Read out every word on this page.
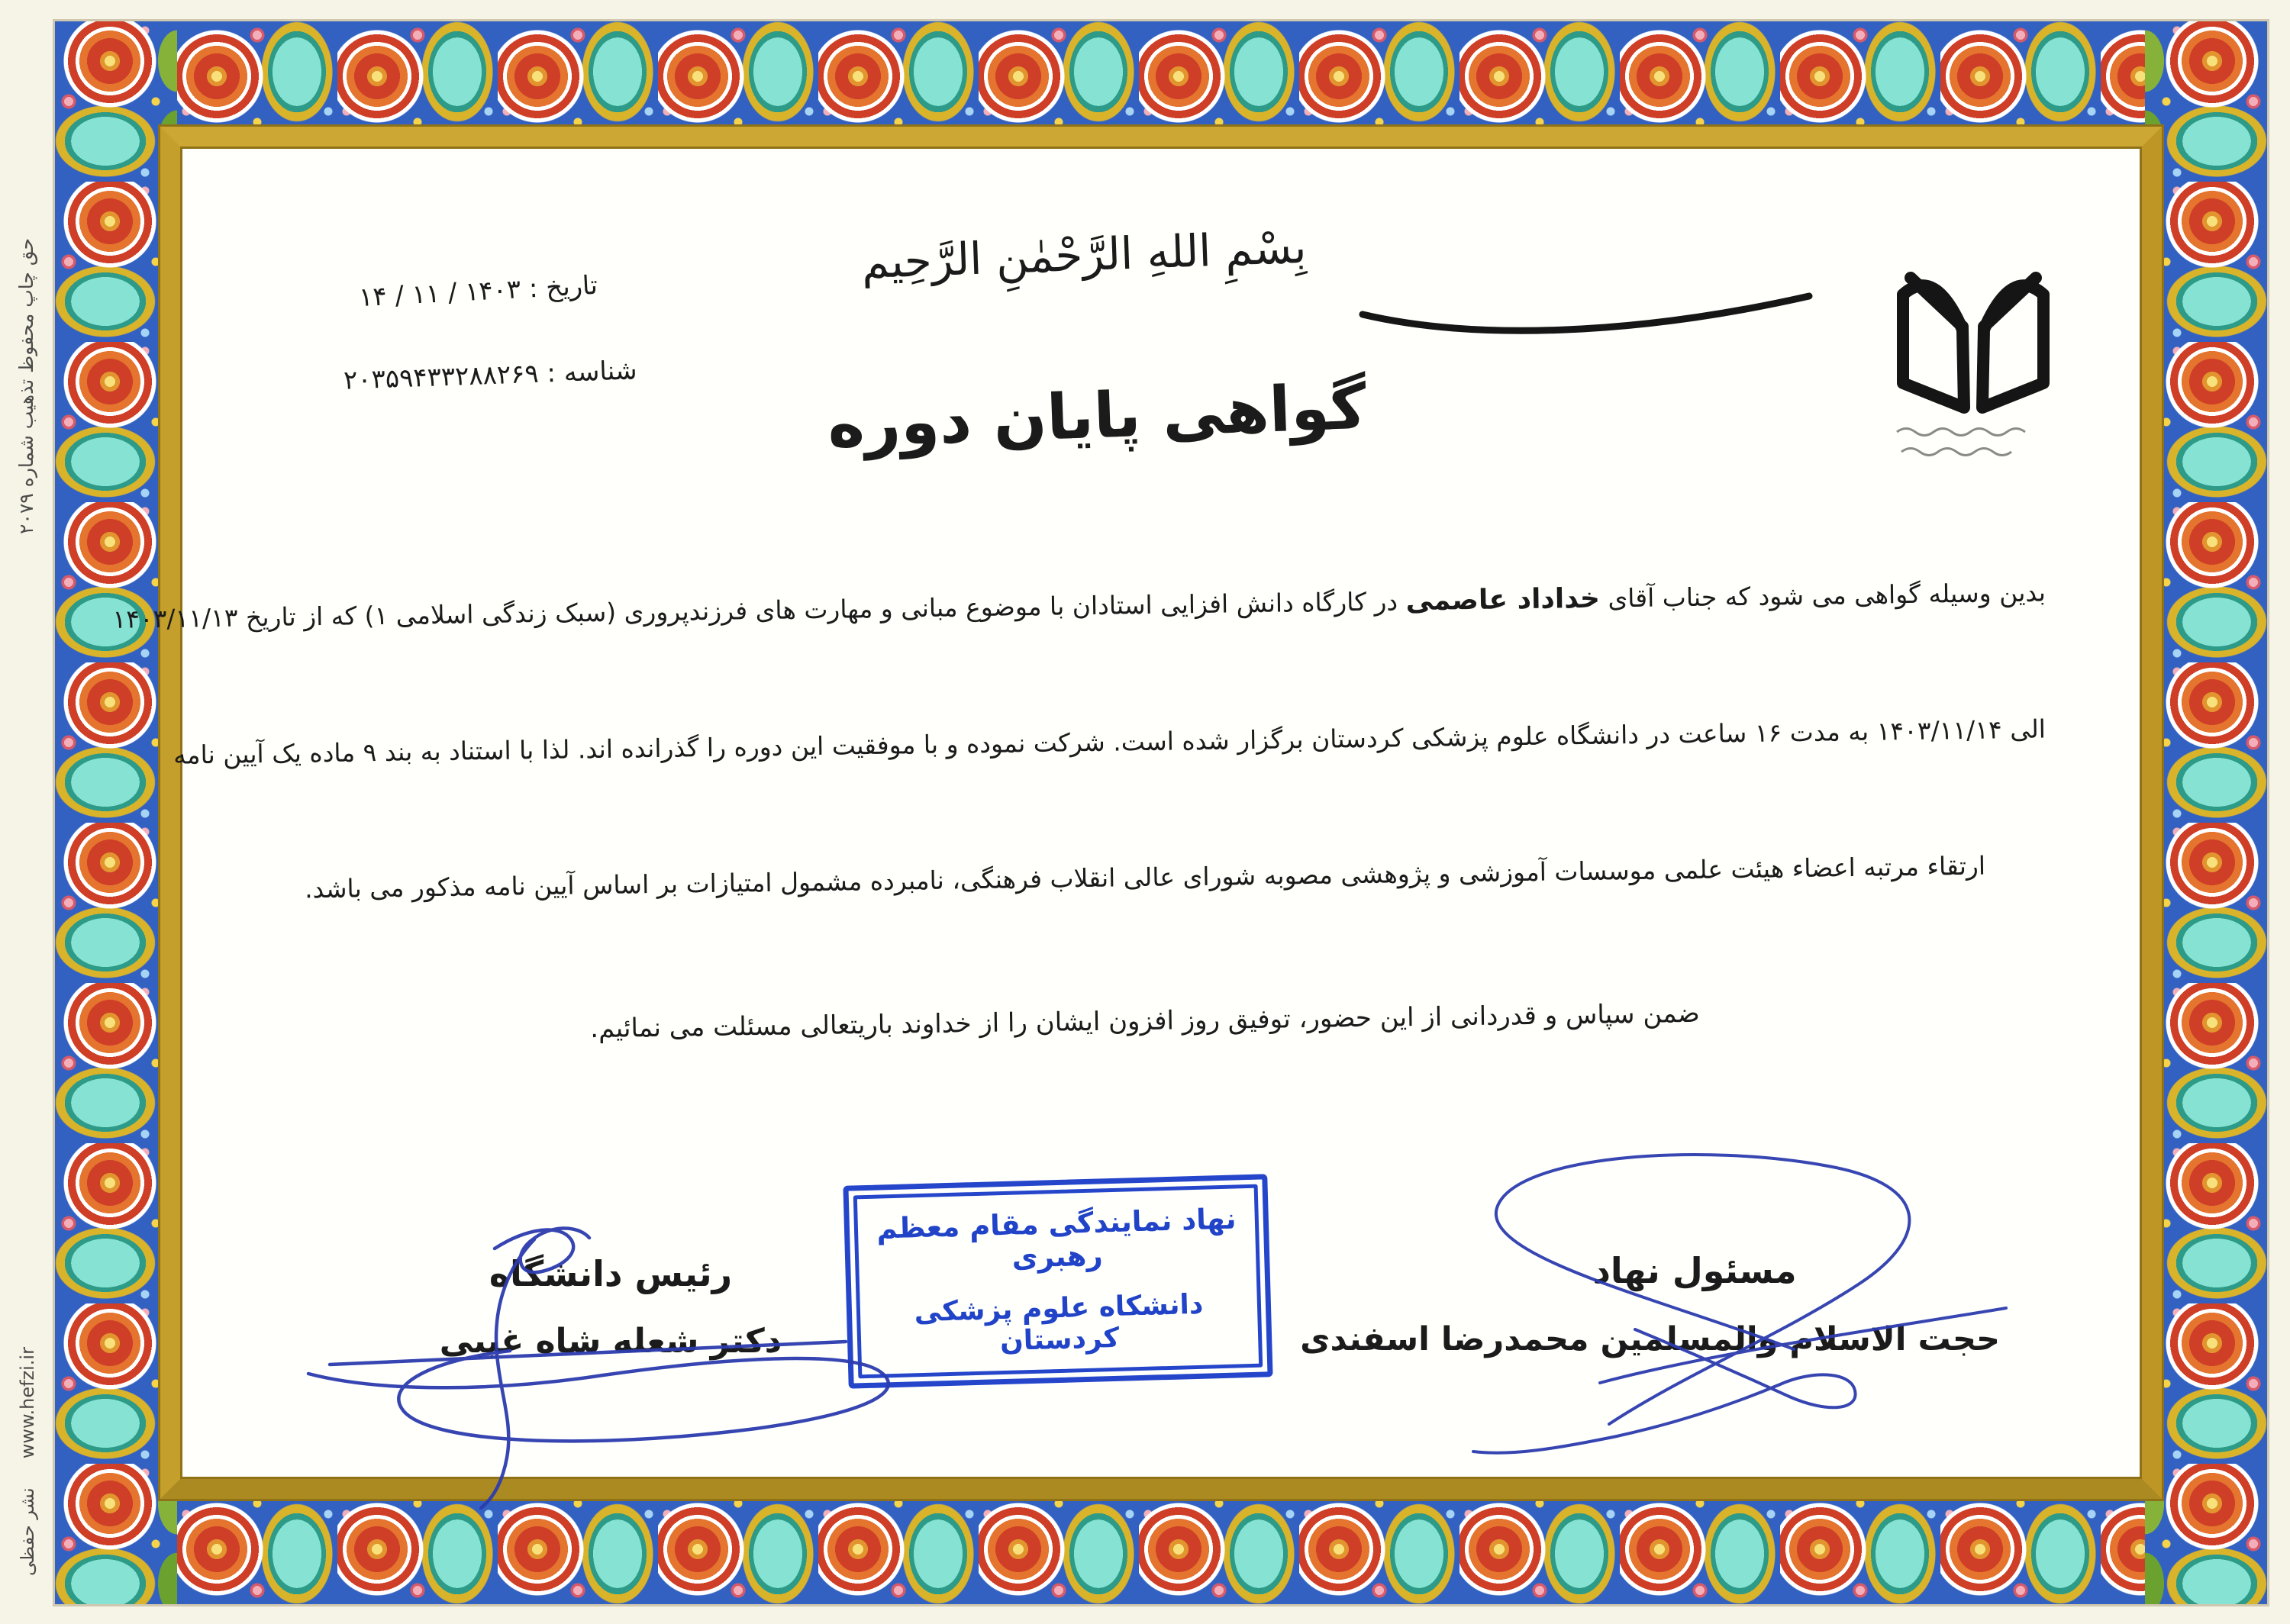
حق چاپ محفوظ تذهیب شماره ۲۰۷۹
www.hefzi.ir     نشر حفظی
تاریخ : ۱۴۰۳ / ۱۱ / ۱۴
شناسه : ۲۰۳۵۹۴۳۳۲۸۸۲۶۹
بِسْمِ اللهِ الرَّحْمٰنِ الرَّحِیم
گواهی پایان دوره
بدین وسیله گواهی می شود که جناب آقای خداداد عاصمی در کارگاه دانش افزایی استادان با موضوع مبانی و مهارت های فرزندپروری (سبک زندگی اسلامی ۱) که از تاریخ ۱۴۰۳/۱۱/۱۳
الی ۱۴۰۳/۱۱/۱۴ به مدت ۱۶ ساعت در دانشگاه علوم پزشکی کردستان برگزار شده است. شرکت نموده و با موفقیت این دوره را گذرانده اند. لذا با استناد به بند ۹ ماده یک آیین نامه
ارتقاء مرتبه اعضاء هیئت علمی موسسات آموزشی و پژوهشی مصوبه شورای عالی انقلاب فرهنگی، نامبرده مشمول امتیازات بر اساس آیین نامه مذکور می باشد.
ضمن سپاس و قدردانی از این حضور، توفیق روز افزون ایشان را از خداوند باریتعالی مسئلت می نمائیم.
رئیس دانشگاه
دکتر شعله شاه غیبی
نهاد نمایندگی مقام معظم رهبری
دانشکاه علوم پزشکی کردستان
مسئول نهاد
حجت الاسلام والمسلمین محمدرضا اسفندی
